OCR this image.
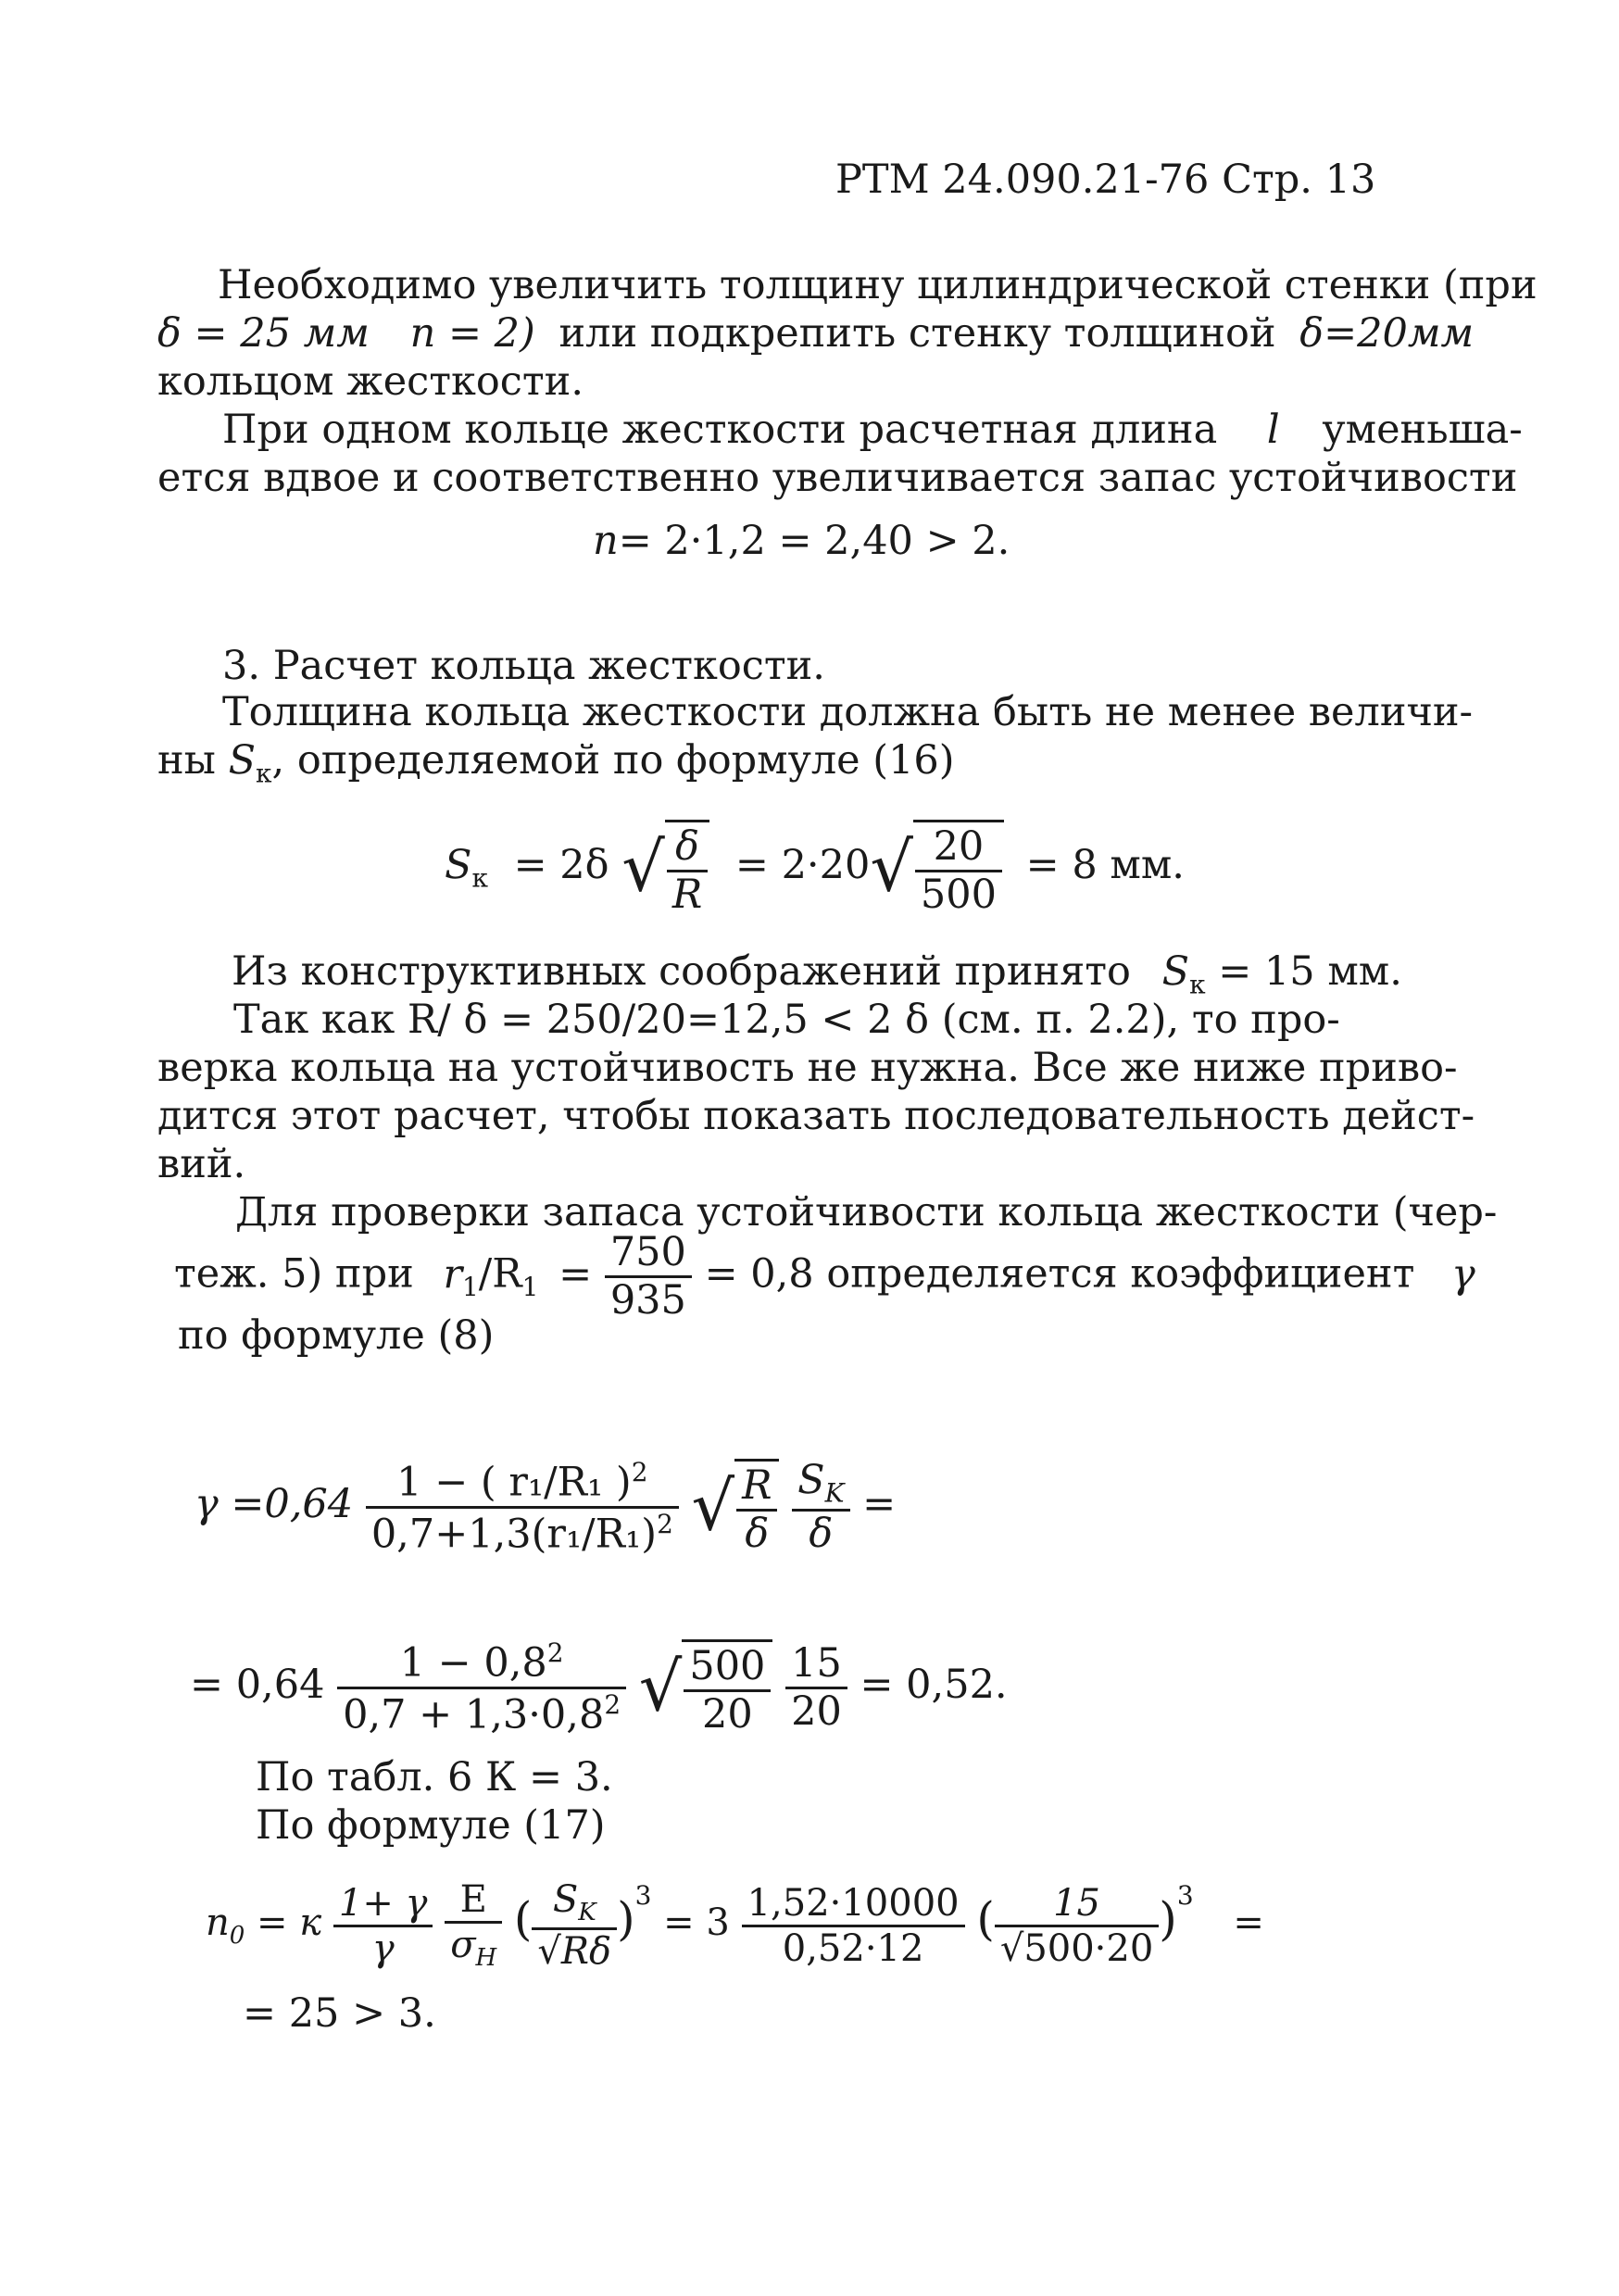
РТМ 24.090.21-76 Стр. 13
Необходимо увеличить толщину цилиндрической стенки (при
δ = 25 мм n = 2) или подкрепить стенку толщиной δ=20мм
кольцом жесткости.
При одном кольце жесткости расчетная длина l уменьша-
ется вдвое и соответственно увеличивается запас устойчивости
n= 2·1,2 = 2,40 > 2.
3. Расчет кольца жесткости.
Толщина кольца жесткости должна быть не менее величи-
ны $S_к$, определяемой по формуле (16)
$S_к = 2\delta$ √ $\frac{\delta}{R} = 2\cdot 20√ \frac{20}{500} = 8$ мм.
Из конструктивных соображений принято $S_к = 15$ мм.
Так как R/ δ = 250/20=12,5 < 2 δ (см. п. 2.2), то про-
верка кольца на устойчивость не нужна. Все же ниже приво-
дится этот расчет, чтобы показать последовательность дейст-
вий.
Для проверки запаса устойчивости кольца жесткости (чер-
теж. 5) при $r_1/R_1 = \frac{750}{935} = 0,8$ определяется коэффициент γ
по формуле (8)
$\gamma =0,64 \frac{1 - ( r_1/R_1 )^2}{0,7+1,3(r_1/R_1)^2}$ √ $\frac{R}{\delta}$
$\frac{S_K}{\delta}$ =
= $0,64 \frac{1 - 0,8^2}{0,7 + 1,3\cdot 0,8^2}$ √ $\frac{500}{20}$
$\frac{15}{20} = 0,52$.
По табл. 6 К = 3.
По формуле (17)
$n_0 = к \frac{1+ \gamma}{\gamma}$
$\frac{E}{\sigma_H}$ ( $\frac{S_K}{√R\delta} )^3 = 3 \frac{1,52\cdot 10000}{0,52\cdot 12}$ ( $\frac{15}{√500\cdot 20} )^3$ =
= 25 > 3.
